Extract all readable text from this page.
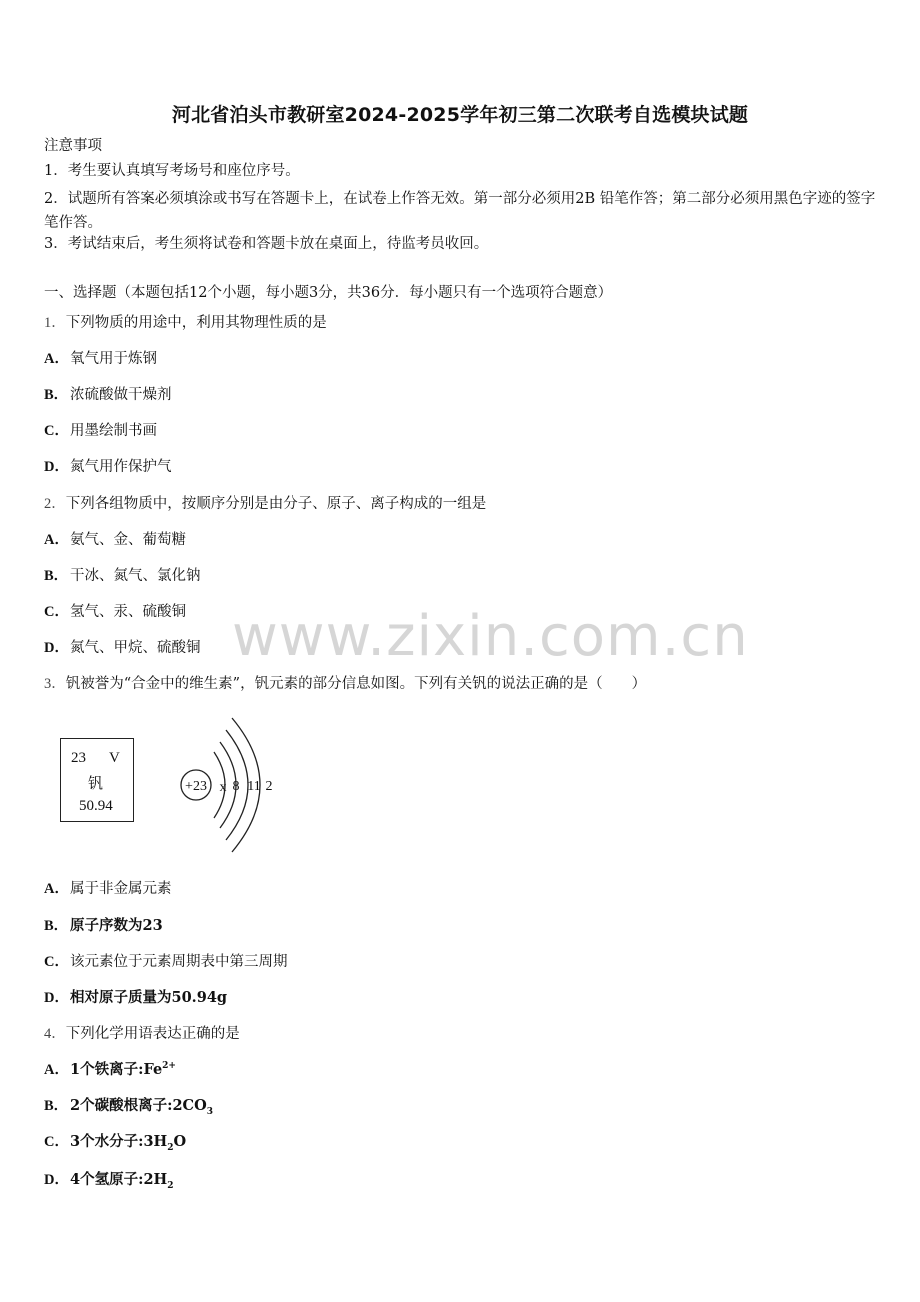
河北省泊头市教研室2024-2025学年初三第二次联考自选模块试题
注意事项
1．考生要认真填写考场号和座位序号。
2．试题所有答案必须填涂或书写在答题卡上，在试卷上作答无效。第一部分必须用2B 铅笔作答；第二部分必须用黑色字迹的签字笔作答。
3．考试结束后，考生须将试卷和答题卡放在桌面上，待监考员收回。
一、选择题（本题包括12个小题，每小题3分，共36分．每小题只有一个选项符合题意）
1．下列物质的用途中，利用其物理性质的是
A．氧气用于炼钢
B． 浓硫酸做干燥剂
C．用墨绘制书画
D．氮气用作保护气
2．下列各组物质中，按顺序分别是由分子、原子、离子构成的一组是
A．氨气、金、葡萄糖
B． 干冰、氮气、氯化钠
C．氢气、汞、硫酸铜
D．氮气、甲烷、硫酸铜 www.zixin.com.cn
3．钒被誉为“合金中的维生素”，钒元素的部分信息如图。下列有关钒的说法正确的是（　　）
23 V
钒
50.94
+23 x 8 11 2
A．属于非金属元素
B． 原子序数为23
C．该元素位于元素周期表中第三周期
D．相对原子质量为50.94g
4．下列化学用语表达正确的是
A．1个铁离子$:Fe^{2+}$
B． 2个碳酸根离子$:2CO_3$
C．3个水分子$:3H_2O$
D．4个氢原子$:2H_2$
